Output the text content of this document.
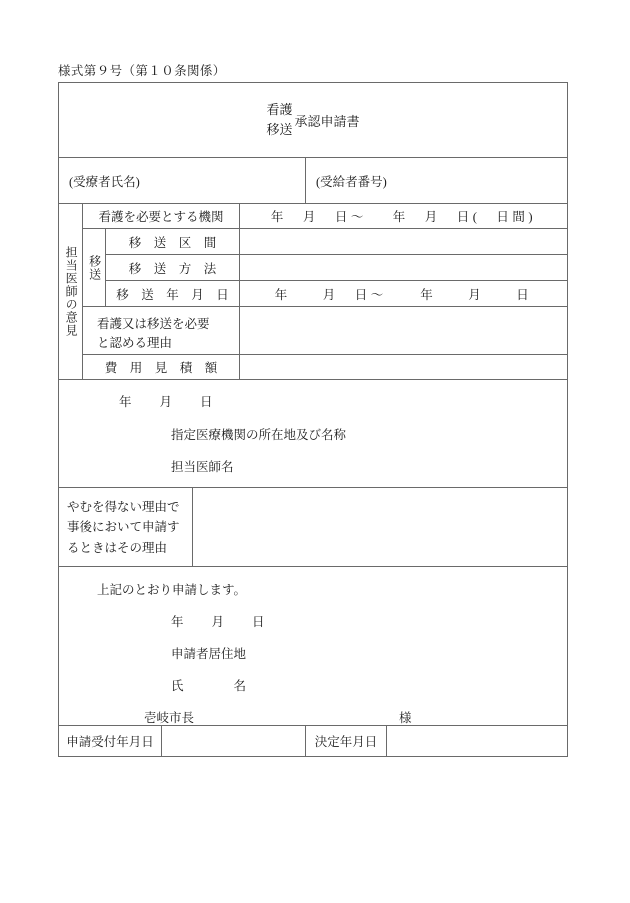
様式第９号（第１０条関係）
看護
移送
承認申請書
(受療者氏名)	(受給者番号)
担当医師の意見
看護を必要とする機関	年　月　日〜 年　月　日(　日間)
移送
移　送　区　間
移　送　方　法
移　送　年　月　日	年　　月　日〜	年　　月　　日
看護又は移送を必要
と認める理由
費　用　見　積　額
年　　月　　日
指定医療機関の所在地及び名称
担当医師名
やむを得ない理由で
事後において申請す
るときはその理由
上記のとおり申請します。
年　　月　　日
申請者居住地
氏　　　　名
壱岐市長	様
申請受付年月日	決定年月日
